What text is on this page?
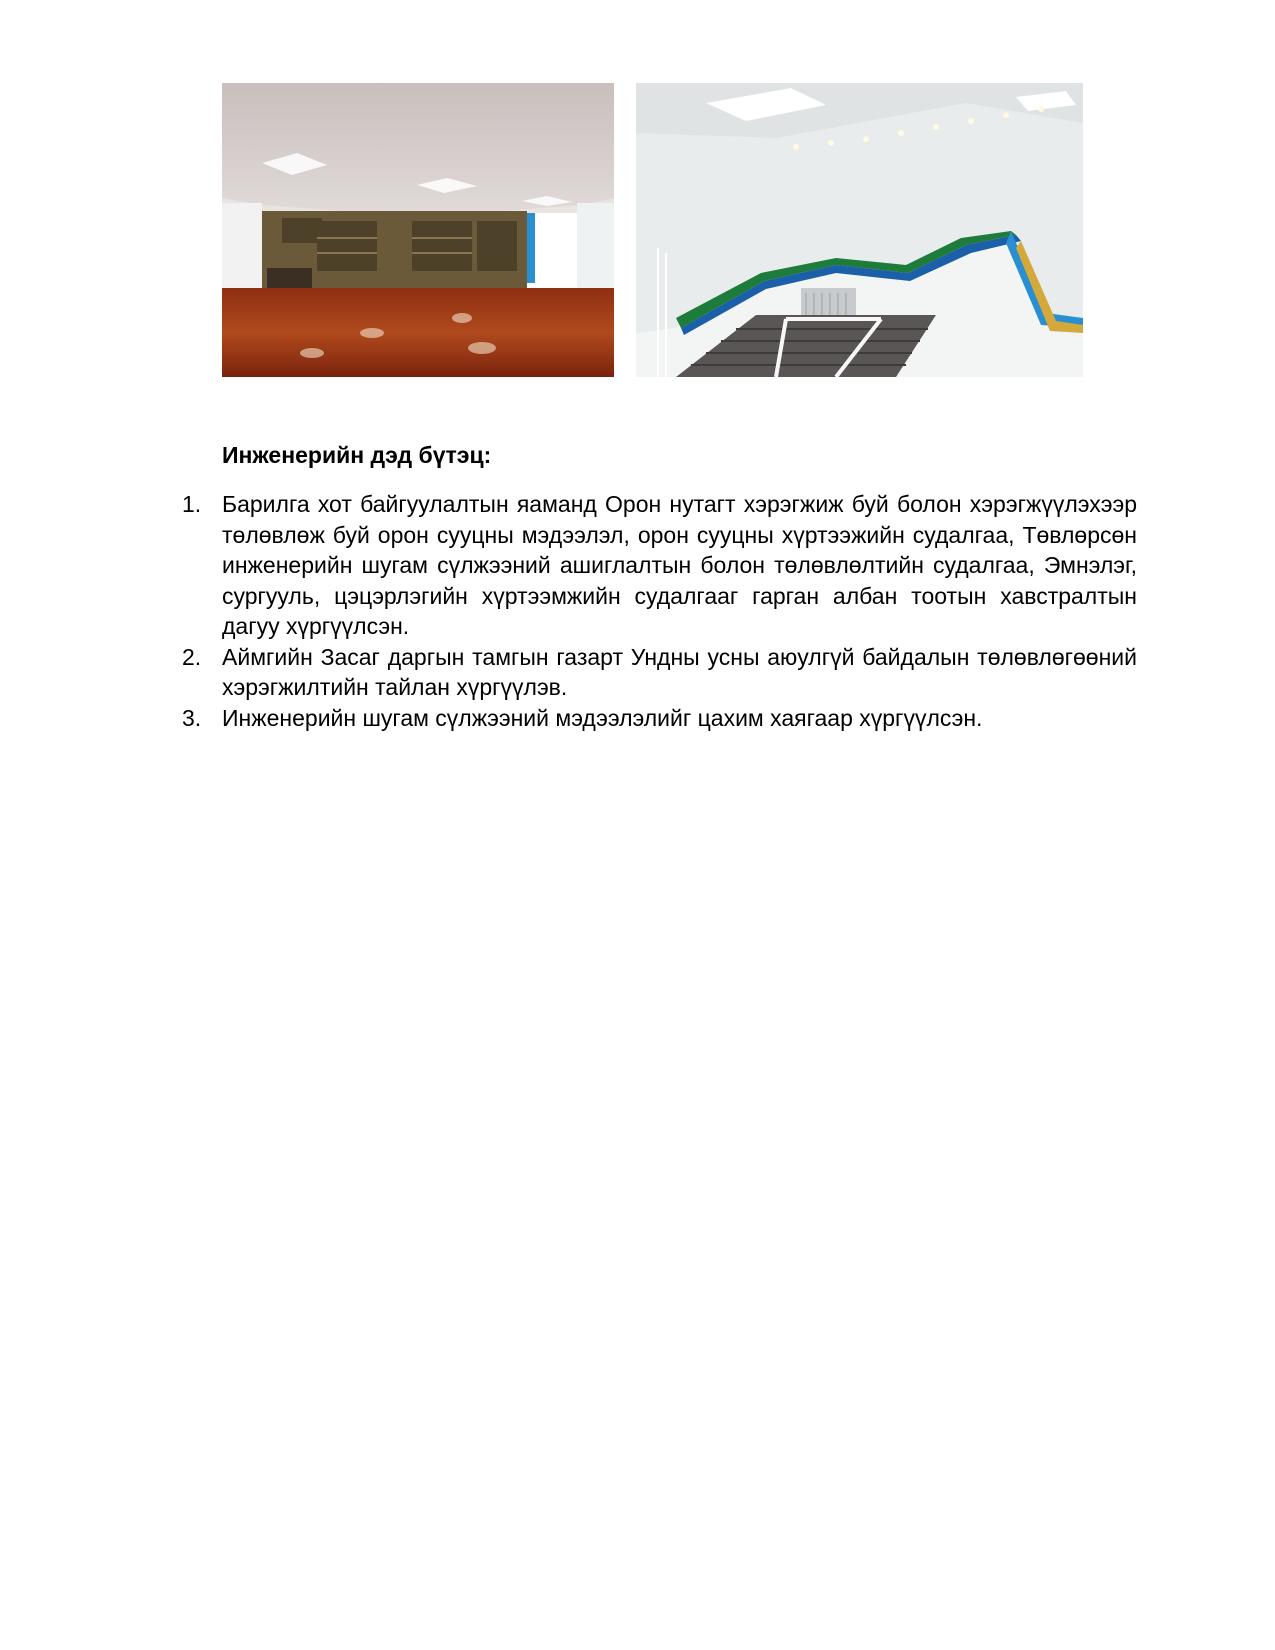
Инженерийн дэд бүтэц:
1. Барилга хот байгуулалтын яаманд Орон нутагт хэрэгжиж буй болон хэрэгжүүлэхээр төлөвлөж буй орон сууцны мэдээлэл, орон сууцны хүртээжийн судалгаа, Төвлөрсөн инженерийн шугам сүлжээний ашиглалтын болон төлөвлөлтийн судалгаа, Эмнэлэг, сургууль, цэцэрлэгийн хүртээмжийн судалгааг гарган албан тоотын хавстралтын дагуу хүргүүлсэн.
2. Аймгийн Засаг даргын тамгын газарт Ундны усны аюулгүй байдалын төлөвлөгөөний хэрэгжилтийн тайлан хүргүүлэв.
3. Инженерийн шугам сүлжээний мэдээлэлийг цахим хаягаар хүргүүлсэн.
